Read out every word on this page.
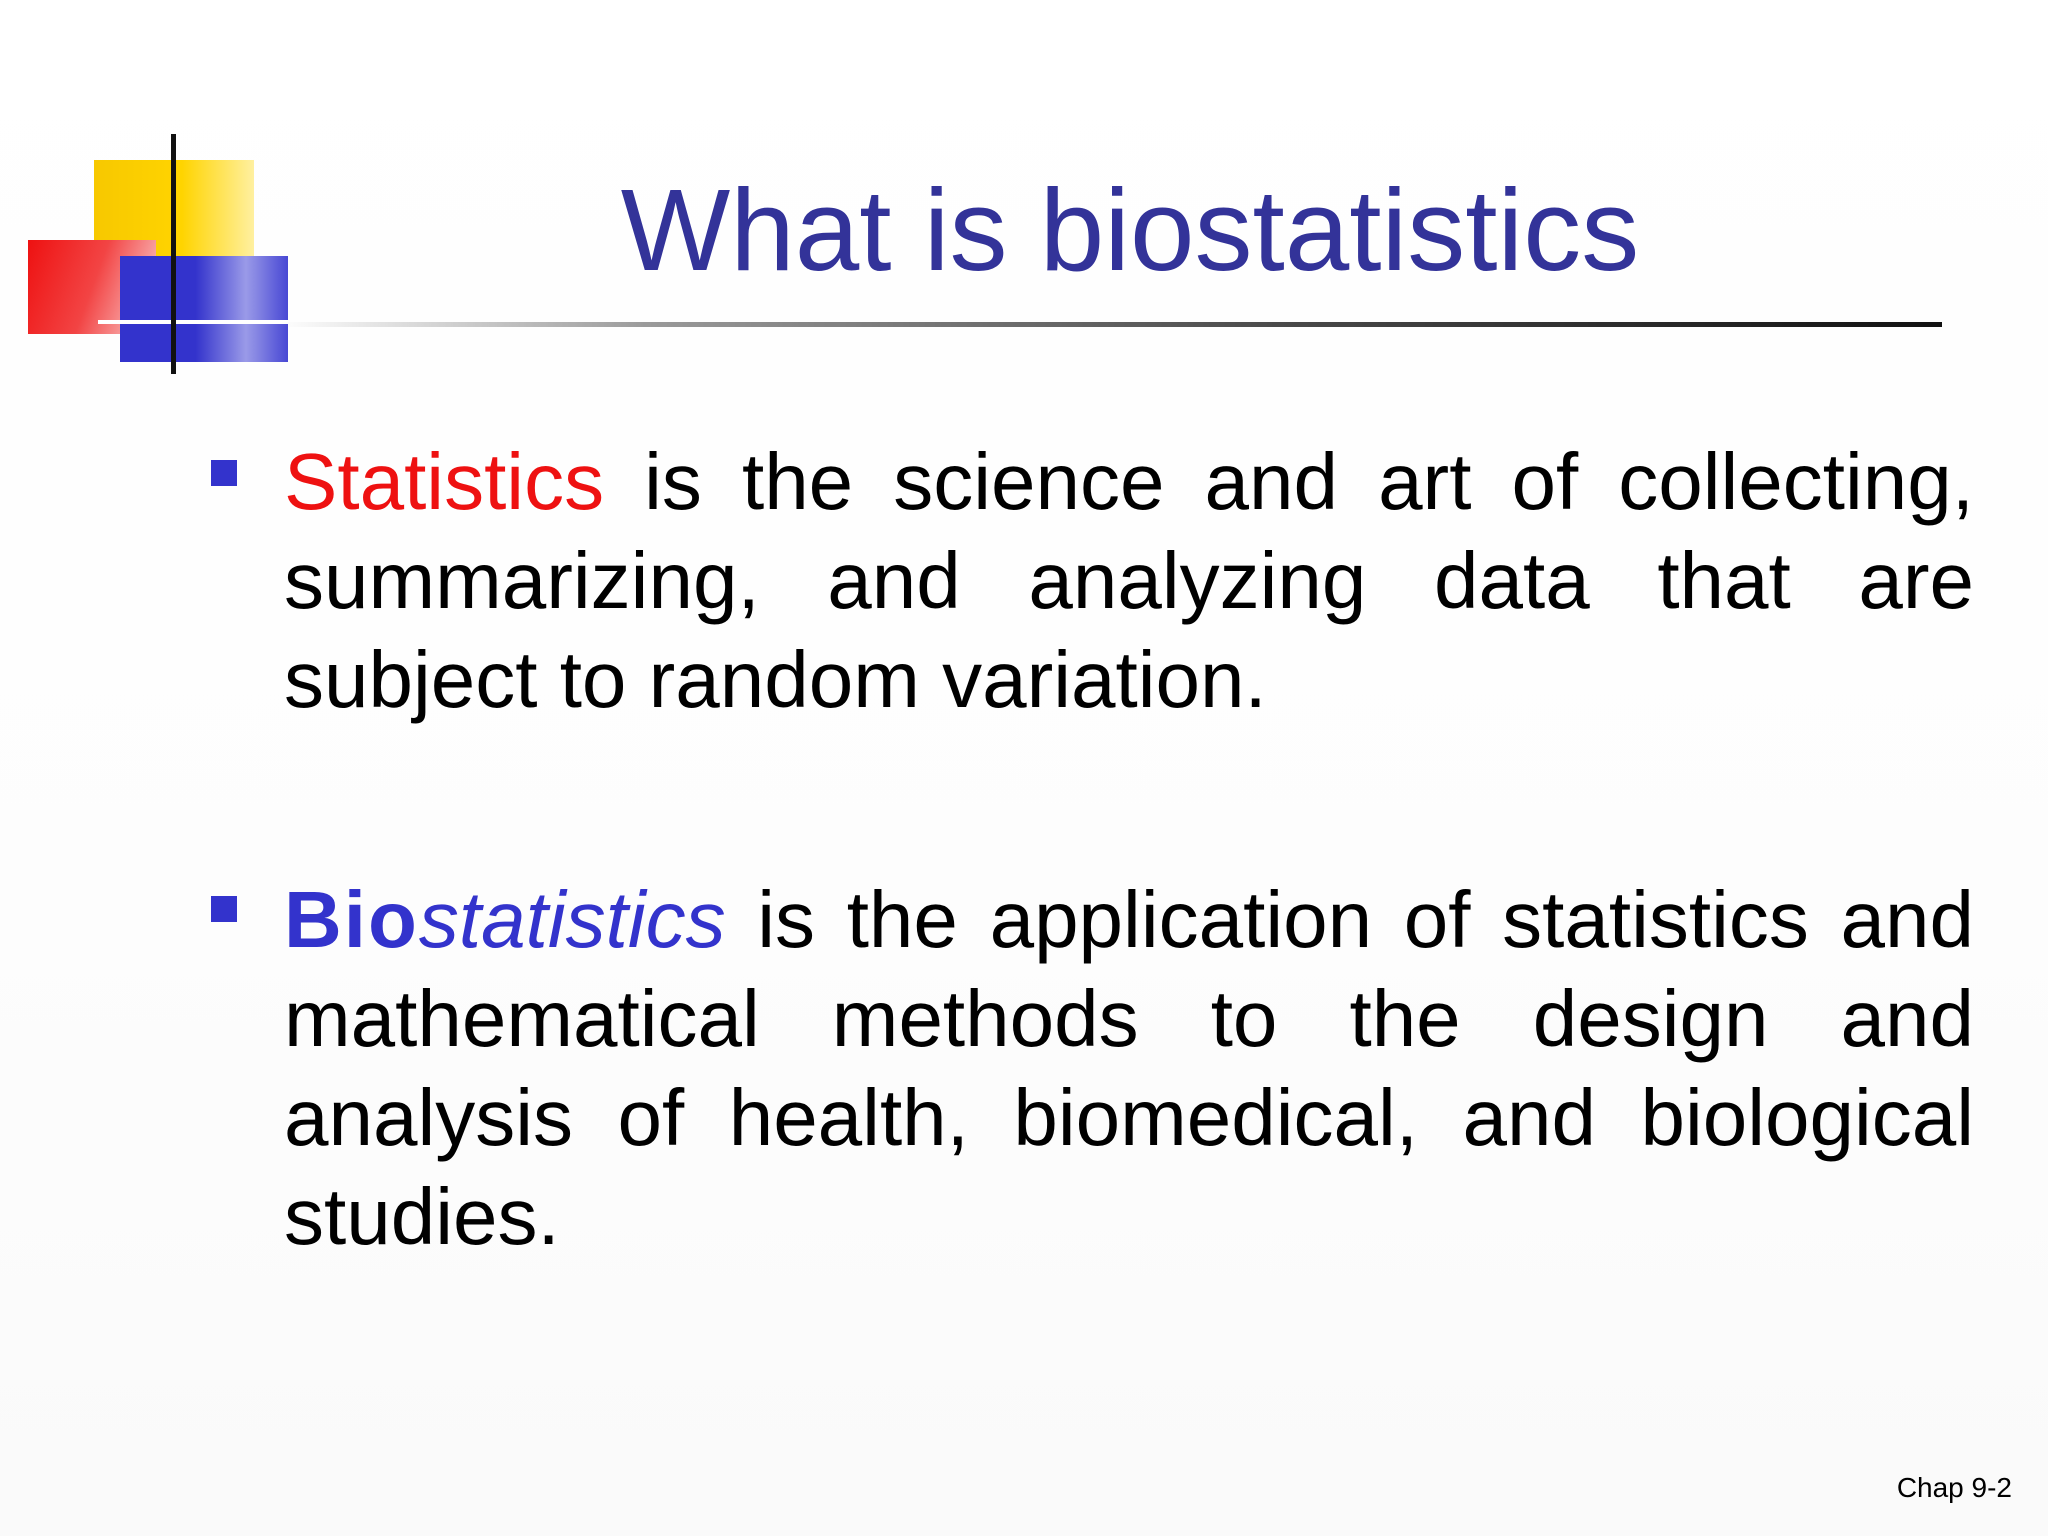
What is biostatistics
Statistics is the science and art of collecting, summarizing, and analyzing data that are subject to random variation.
Biostatistics is the application of statistics and mathematical methods to the design and analysis of health, biomedical, and biological studies.
Chap 9-2
